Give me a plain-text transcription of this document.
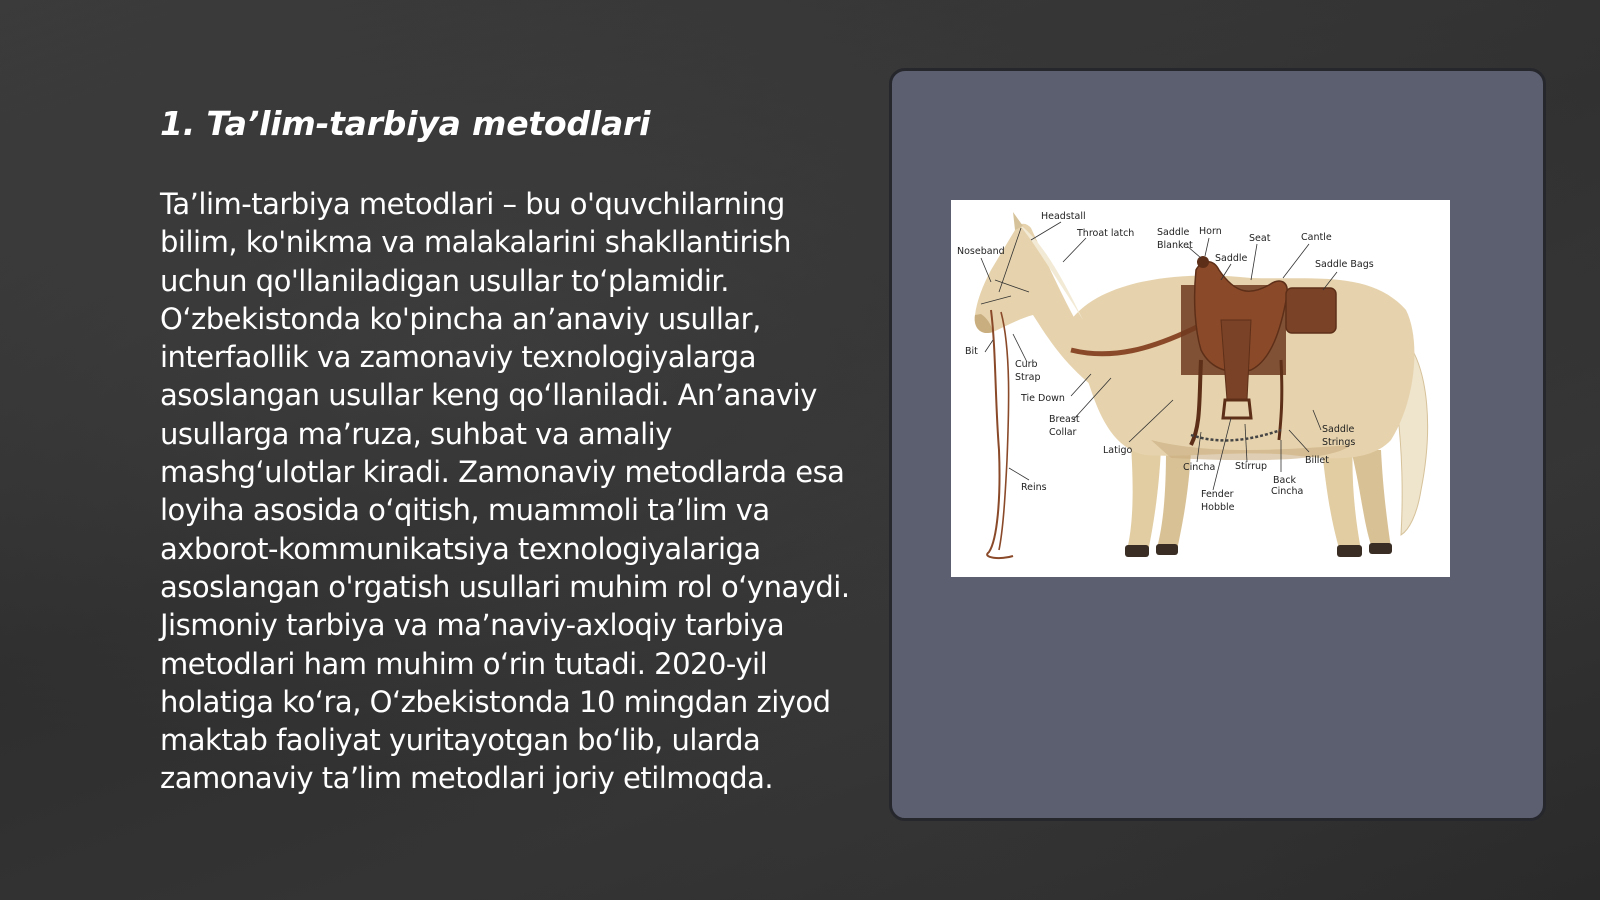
1. Ta’lim-tarbiya metodlari

Ta’lim-tarbiya metodlari – bu o'quvchilarning bilim, ko'nikma va malakalarini shakllantirish uchun qo'llaniladigan usullar to‘plamidir. O‘zbekistonda ko'pincha an’anaviy usullar, interfaollik va zamonaviy texnologiyalarga asoslangan usullar keng qo‘llaniladi. An’anaviy usullarga ma’ruza, suhbat va amaliy mashg‘ulotlar kiradi. Zamonaviy metodlarda esa loyiha asosida o‘qitish, muammoli ta’lim va axborot-kommunikatsiya texnologiyalariga asoslangan o'rgatish usullari muhim rol o‘ynaydi. Jismoniy tarbiya va ma’naviy-axloqiy tarbiya metodlari ham muhim o‘rin tutadi. 2020-yil holatiga ko‘ra, O‘zbekistonda 10 mingdan ziyod maktab faoliyat yuritayotgan bo‘lib, ularda zamonaviy ta’lim metodlari joriy etilmoqda.

Headstall
Throat latch
Noseband
Saddle
Blanket
Horn
Seat	Cantle
Saddle
Saddle Bags
Bit
Curb
Strap
Tie Down
Breast
Collar
Latigo
Saddle
Strings
Cincha Stirrup
Billet
Back
Cincha
Reins
Fender
Hobble
